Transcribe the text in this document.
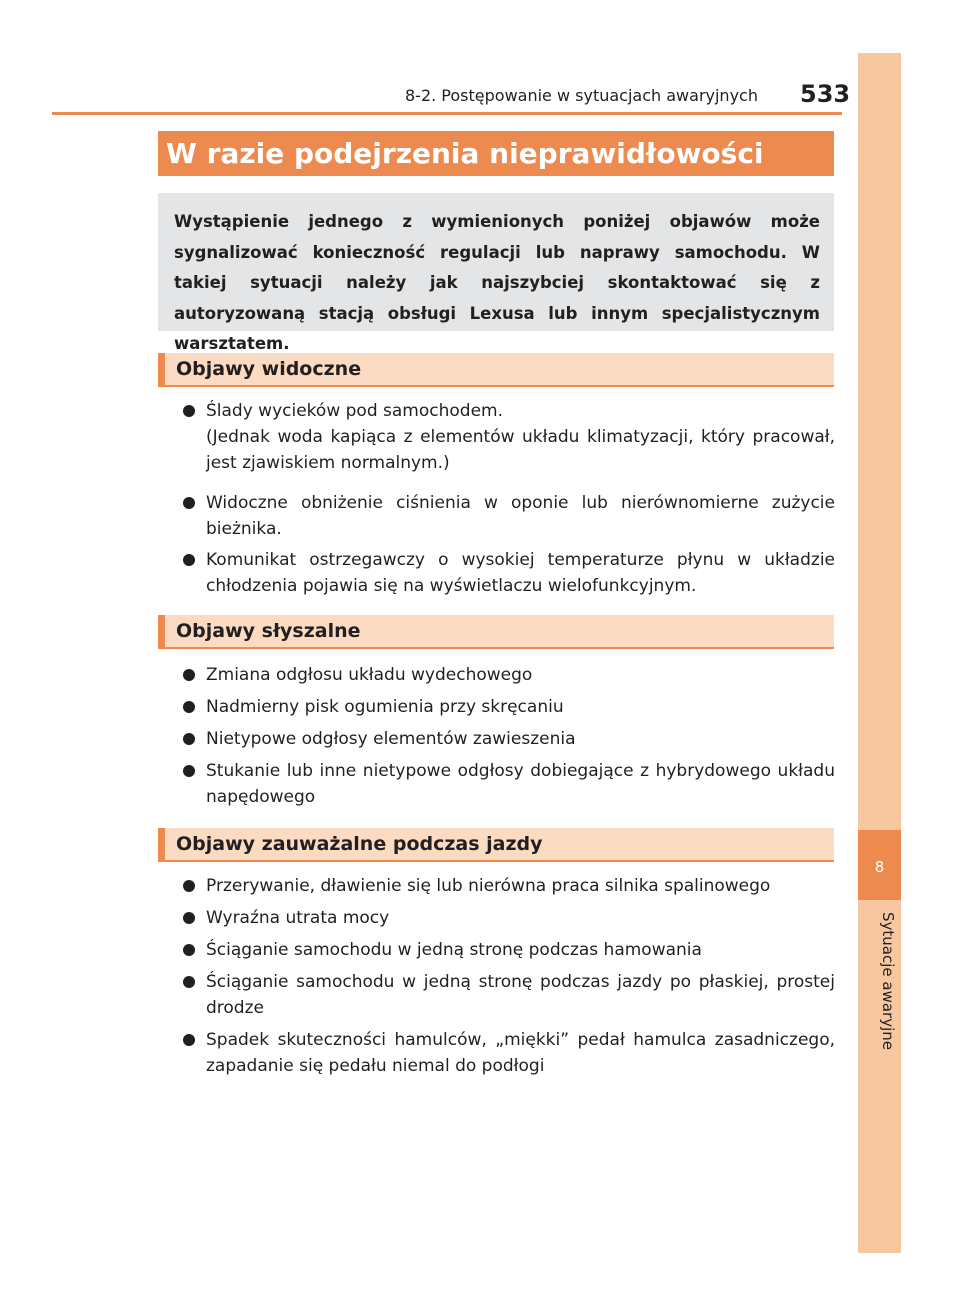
8
Sytuacje awaryjne
8-2. Postępowanie w sytuacjach awaryjnych 533
W razie podejrzenia nieprawidłowości
Wystąpienie jednego z wymienionych poniżej objawów może sygnalizować konieczność regulacji lub naprawy samochodu. W takiej sytuacji należy jak najszybciej skontaktować się z autoryzowaną stacją obsługi Lexusa lub innym specjalistycznym warsztatem.
Objawy widoczne
Ślady wycieków pod samochodem.
(Jednak woda kapiąca z elementów układu klimatyzacji, który pracował, jest zjawiskiem normalnym.)
Widoczne obniżenie ciśnienia w oponie lub nierównomierne zużycie bieżnika.
Komunikat ostrzegawczy o wysokiej temperaturze płynu w układzie chłodzenia pojawia się na wyświetlaczu wielofunkcyjnym.
Objawy słyszalne
Zmiana odgłosu układu wydechowego
Nadmierny pisk ogumienia przy skręcaniu
Nietypowe odgłosy elementów zawieszenia
Stukanie lub inne nietypowe odgłosy dobiegające z hybrydowego układu napędowego
Objawy zauważalne podczas jazdy
Przerywanie, dławienie się lub nierówna praca silnika spalinowego
Wyraźna utrata mocy
Ściąganie samochodu w jedną stronę podczas hamowania
Ściąganie samochodu w jedną stronę podczas jazdy po płaskiej, prostej drodze
Spadek skuteczności hamulców, „miękki” pedał hamulca zasadniczego, zapadanie się pedału niemal do podłogi
